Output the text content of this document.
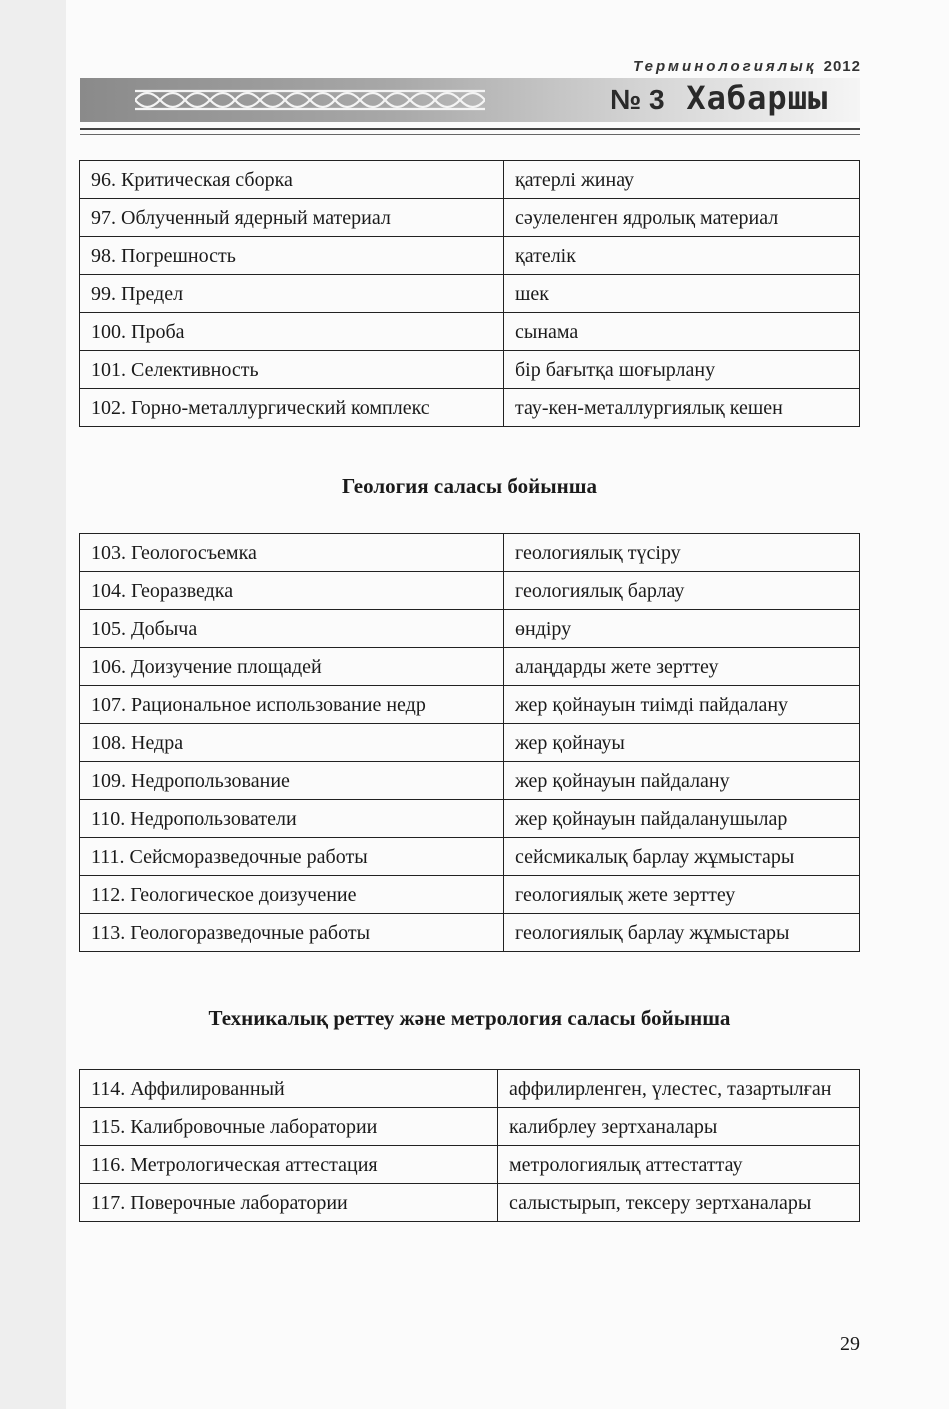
Терминологиялық 2012
№ 3 Хабаршы
96. Критическая сборка	қатерлі жинау
97. Облученный ядерный материал	сәулеленген ядролық материал
98. Погрешность	қателік
99. Предел	шек
100. Проба	сынама
101. Селективность	бір бағытқа шоғырлану
102. Горно-металлургический комплекс	тау-кен-металлургиялық кешен
Геология саласы бойынша
103. Геологосъемка	геологиялық түсіру
104. Геоpазведка	геологиялық барлау
105. Добыча	өндіру
106. Доизучение площадей	алаңдарды жете зерттеу
107. Рациональное использование недр	жер қойнауын тиімді пайдалану
108. Недра	жер қойнауы
109. Недропользование	жер қойнауын пайдалану
110. Недропользователи	жер қойнауын пайдаланушылар
111. Сейсморазведочные работы	сейсмикалық барлау жұмыстары
112. Геологическое доизучение	геологиялық жете зерттеу
113. Геологоразведочные работы	геологиялық барлау жұмыстары
Техникалық реттеу және метрология саласы бойынша
114. Аффилированный	аффилирленген, үлестес, тазартылған
115. Калибровочные лаборатории	калибрлеу зертханалары
116. Метрологическая аттестация	метрологиялық аттестаттау
117. Поверочные лаборатории	салыстырып, тексеру зертханалары
29
